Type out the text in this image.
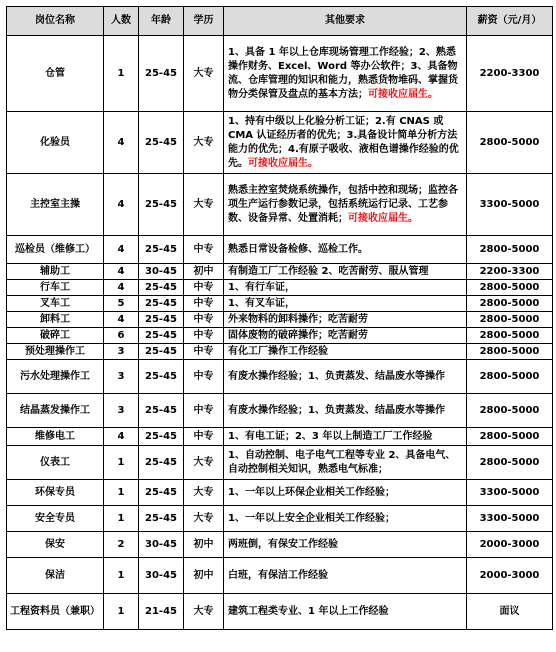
岗位名称	人数	年龄	学历	其他要求	薪资（元/月）
仓管	1	25-45	大专	1、具备 1 年以上仓库现场管理工作经验；2、熟悉操作财务、Excel、Word 等办公软件；3、具备物流、仓库管理的知识和能力，熟悉货物堆码、掌握货物分类保管及盘点的基本方法；可接收应届生。	2200-3300
化验员	4	25-45	大专	1、持有中级以上化验分析工证；2.有 CNAS 或 CMA 认证经历者的优先；3.具备设计简单分析方法能力的优先；4.有原子吸收、液相色谱操作经验的优先。可接收应届生。	2800-5000
主控室主操	4	25-45	大专	熟悉主控室焚烧系统操作，包括中控和现场；监控各项生产运行参数记录，包括系统运行记录、工艺参数、设备异常、处置消耗；可接收应届生。	3300-5000
巡检员（维修工）	4	25-45	中专	熟悉日常设备检修、巡检工作。	2800-5000
辅助工	4	30-45	初中	有制造工厂工作经验 2、吃苦耐劳、服从管理	2200-3300
行车工	4	25-45	中专	1、有行车证，	2800-5000
叉车工	5	25-45	中专	1、有叉车证，	2800-5000
卸料工	4	25-45	中专	外来物料的卸料操作；吃苦耐劳	2800-5000
破碎工	6	25-45	中专	固体废物的破碎操作；吃苦耐劳	2800-5000
预处理操作工	3	25-45	中专	有化工厂操作工作经验	2800-5000
污水处理操作工	3	25-45	中专	有废水操作经验；1、负责蒸发、结晶废水等操作	2800-5000
结晶蒸发操作工	3	25-45	中专	有废水操作经验；1、负责蒸发、结晶废水等操作	2800-5000
维修电工	4	25-45	中专	1、有电工证；2、3 年以上制造工厂工作经验	2800-5000
仪表工	1	25-45	大专	1、自动控制、电子电气工程等专业 2、具备电气、自动控制相关知识，熟悉电气标准；	2800-5000
环保专员	1	25-45	大专	1、一年以上环保企业相关工作经验；	3300-5000
安全专员	1	25-45	大专	1、一年以上安全企业相关工作经验；	3300-5000
保安	2	30-45	初中	两班倒，有保安工作经验	2000-3000
保洁	1	30-45	初中	白班，有保洁工作经验	2000-3000
工程资料员（兼职）	1	21-45	大专	建筑工程类专业、1 年以上工作经验	面议
